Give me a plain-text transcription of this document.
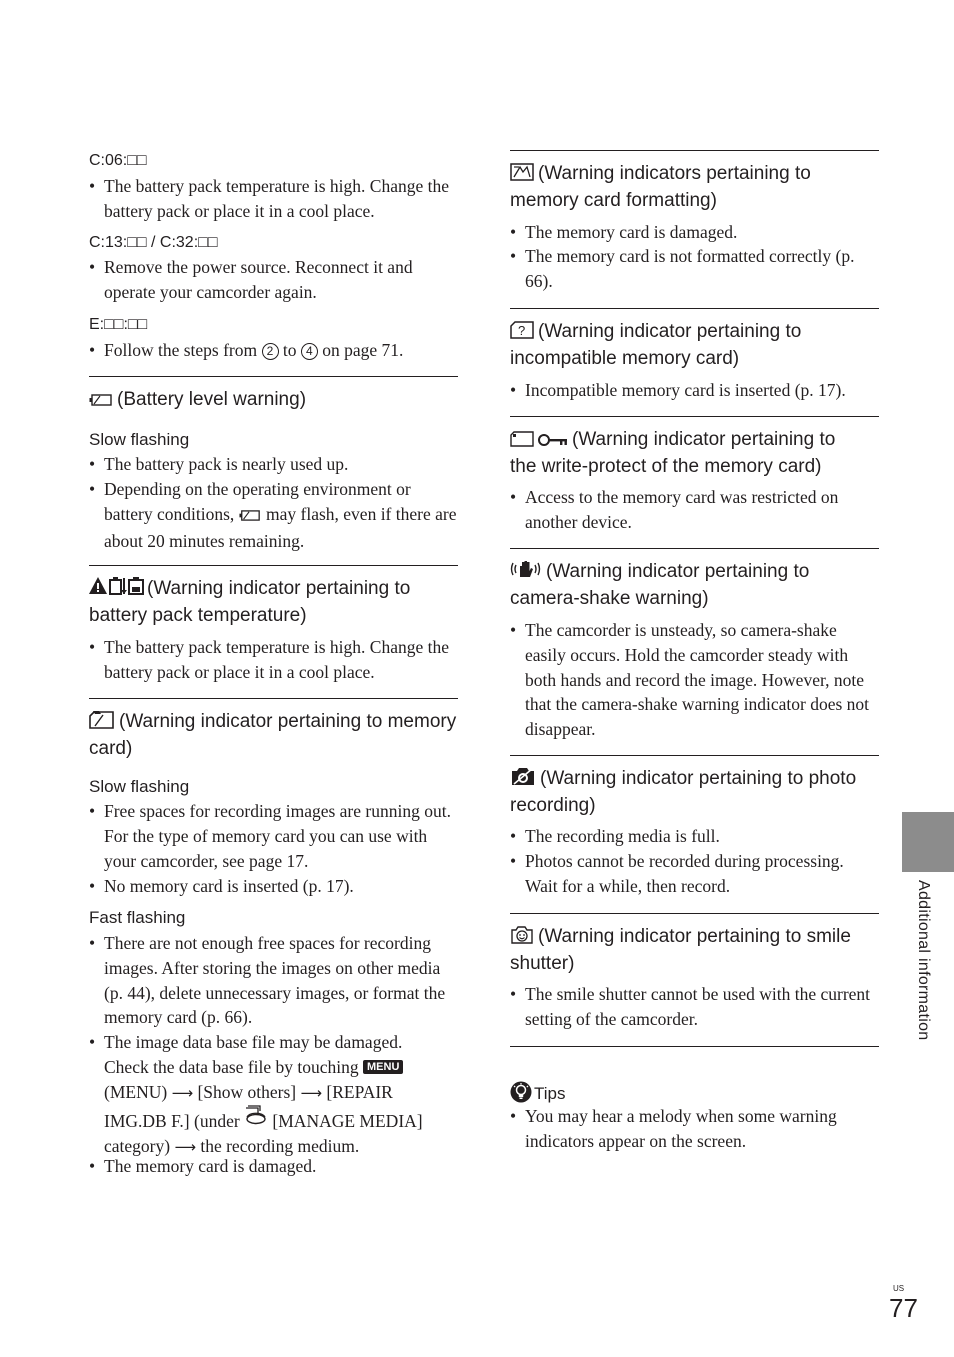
C:06:□□
• The battery pack temperature is high. Change the battery pack or place it in a cool place.
C:13:□□ / C:32:□□
• Remove the power source. Reconnect it and operate your camcorder again.
E:□□:□□
• Follow the steps from 2 to 4 on page 71.
(Battery level warning)
Slow flashing
• The battery pack is nearly used up.
• Depending on the operating environment or battery conditions, may flash, even if there are about 20 minutes remaining.
(Warning indicator pertaining to battery pack temperature)
• The battery pack temperature is high. Change the battery pack or place it in a cool place.
(Warning indicator pertaining to memory card)
Slow flashing
• Free spaces for recording images are running out. For the type of memory card you can use with your camcorder, see page 17.
• No memory card is inserted (p. 17).
Fast flashing
• There are not enough free spaces for recording images. After storing the images on other media (p. 44), delete unnecessary images, or format the memory card (p. 66).
• The image data base file may be damaged.
Check the data base file by touching MENU
(MENU) ⟶ [Show others] ⟶ [REPAIR
IMG.DB F.] (under [MANAGE MEDIA]
category) ⟶ the recording medium.
• The memory card is damaged.
(Warning indicators pertaining to memory card formatting)
• The memory card is damaged.
• The memory card is not formatted correctly (p. 66).
? (Warning indicator pertaining to incompatible memory card)
• Incompatible memory card is inserted (p. 17).
(Warning indicator pertaining to
the write-protect of the memory card)
• Access to the memory card was restricted on another device.
(Warning indicator pertaining to camera-shake warning)
• The camcorder is unsteady, so camera-shake easily occurs. Hold the camcorder steady with both hands and record the image. However, note that the camera-shake warning indicator does not disappear.
(Warning indicator pertaining to photo recording)
• The recording media is full.
• Photos cannot be recorded during processing. Wait for a while, then record.
(Warning indicator pertaining to smile shutter)
• The smile shutter cannot be used with the current setting of the camcorder.
Tips
• You may hear a melody when some warning indicators appear on the screen.
Additional information
US
77
